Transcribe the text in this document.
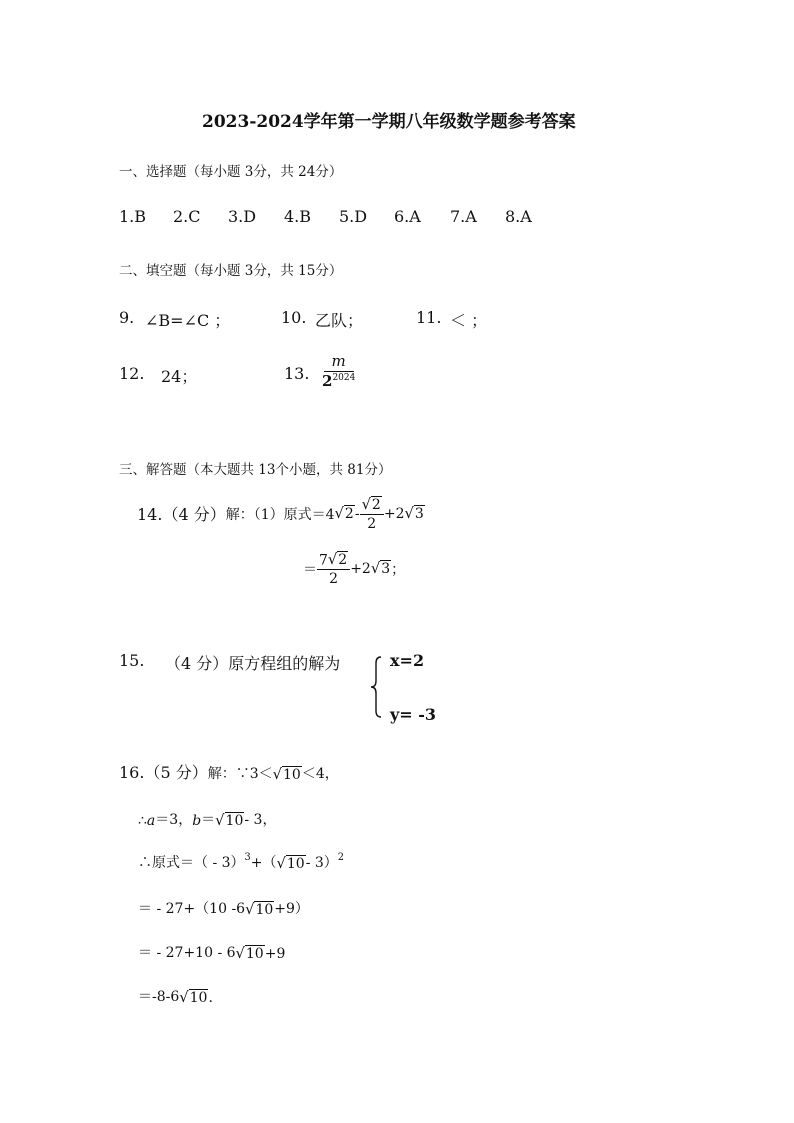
2023-2024学年第一学期八年级数学题参考答案
一、选择题（每小题 3分，共 24分）
1.B	2.C	3.D	4.B	5.D	6.A	7.A	8.A
二、填空题（每小题 3分，共 15分）
9. ∠B=∠C ；	10. 乙队；	11. ＜ ；
12. 24；	13. $\frac{m}{2^{2024}}$
三、解答题（本大题共 13个小题，共 81分）
14.（4 分） 解：（1）原式＝4 √ $2 - \frac{√ 2}{2} +2$ √ 3
＝ $\frac{7 √ 2}{2} +2$ √ 3 ；
15. （4 分）原方程组的解为	x=2
y= -3
16.（5 分） 解：∵3＜ √ 10 ＜4，
∴ a ＝3， b ＝ √ 10 - 3，
∴原式＝（ - 3）$^3$ +（ √ 10 - 3）$^2$
＝ - 27+（10 -6 √ 10 +9）
＝ - 27+10 - 6 √ 10 +9
＝-8-6 √ 10 .
